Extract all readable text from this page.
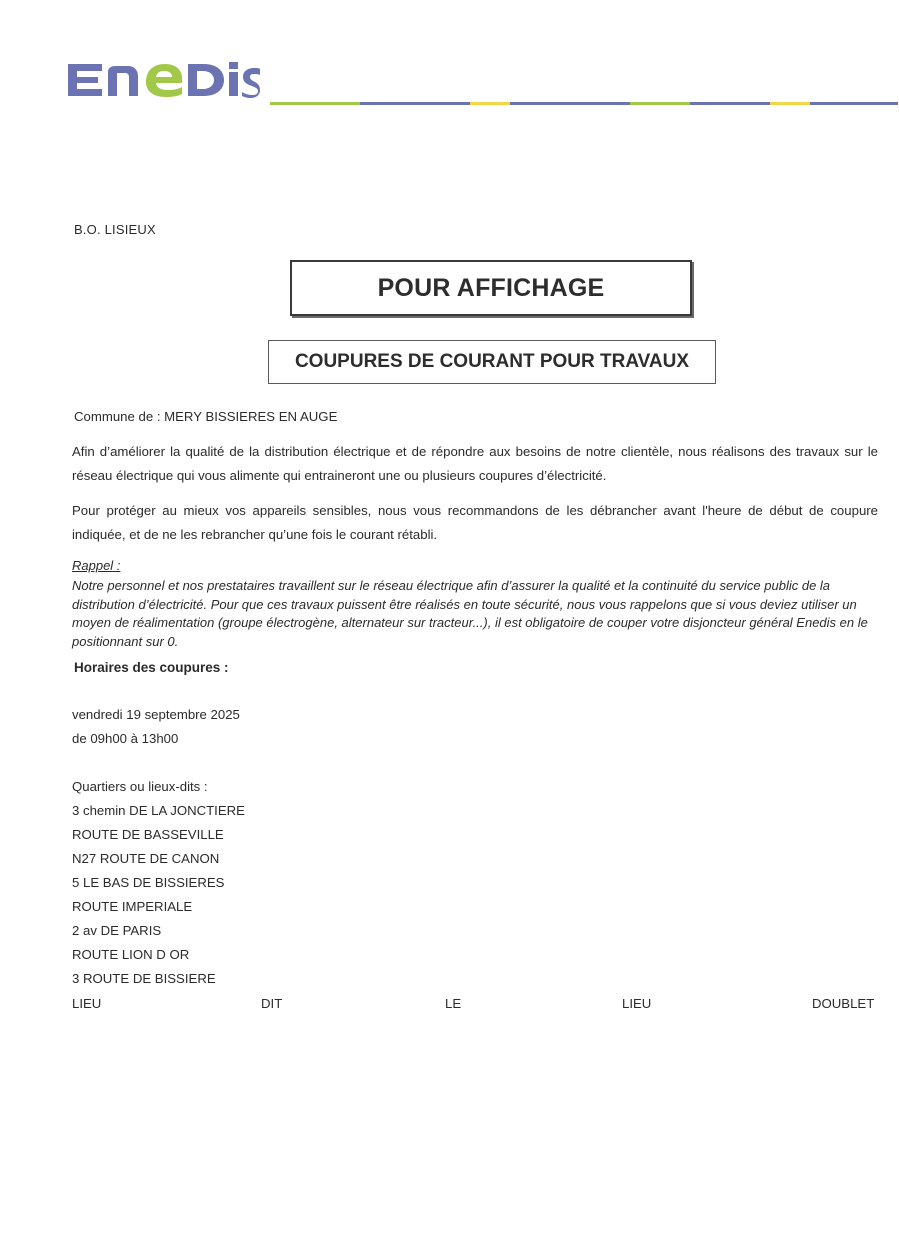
B.O. LISIEUX
POUR AFFICHAGE
COUPURES DE COURANT POUR TRAVAUX
Commune de : MERY BISSIERES EN AUGE
Afin d’améliorer la qualité de la distribution électrique et de répondre aux besoins de notre clientèle, nous réalisons des travaux sur le réseau électrique qui vous alimente qui entraineront une ou plusieurs coupures d’électricité.
Pour protéger au mieux vos appareils sensibles, nous vous recommandons de les débrancher avant l'heure de début de coupure indiquée, et de ne les rebrancher qu’une fois le courant rétabli.
Rappel :
Notre personnel et nos prestataires travaillent sur le réseau électrique afin d’assurer la qualité et la continuité du service public de la distribution d’électricité. Pour que ces travaux puissent être réalisés en toute sécurité, nous vous rappelons que si vous deviez utiliser un moyen de réalimentation (groupe électrogène, alternateur sur tracteur...), il est obligatoire de couper votre disjoncteur général Enedis en le positionnant sur 0.
Horaires des coupures :
vendredi 19 septembre 2025
de 09h00 à 13h00
Quartiers ou lieux-dits :
3 chemin DE LA JONCTIERE
ROUTE DE BASSEVILLE
N27 ROUTE DE CANON
5 LE BAS DE BISSIERES
ROUTE IMPERIALE
2 av DE PARIS
ROUTE LION D OR
3 ROUTE DE BISSIERE
LIEU	DIT	LE	LIEU	DOUBLET
